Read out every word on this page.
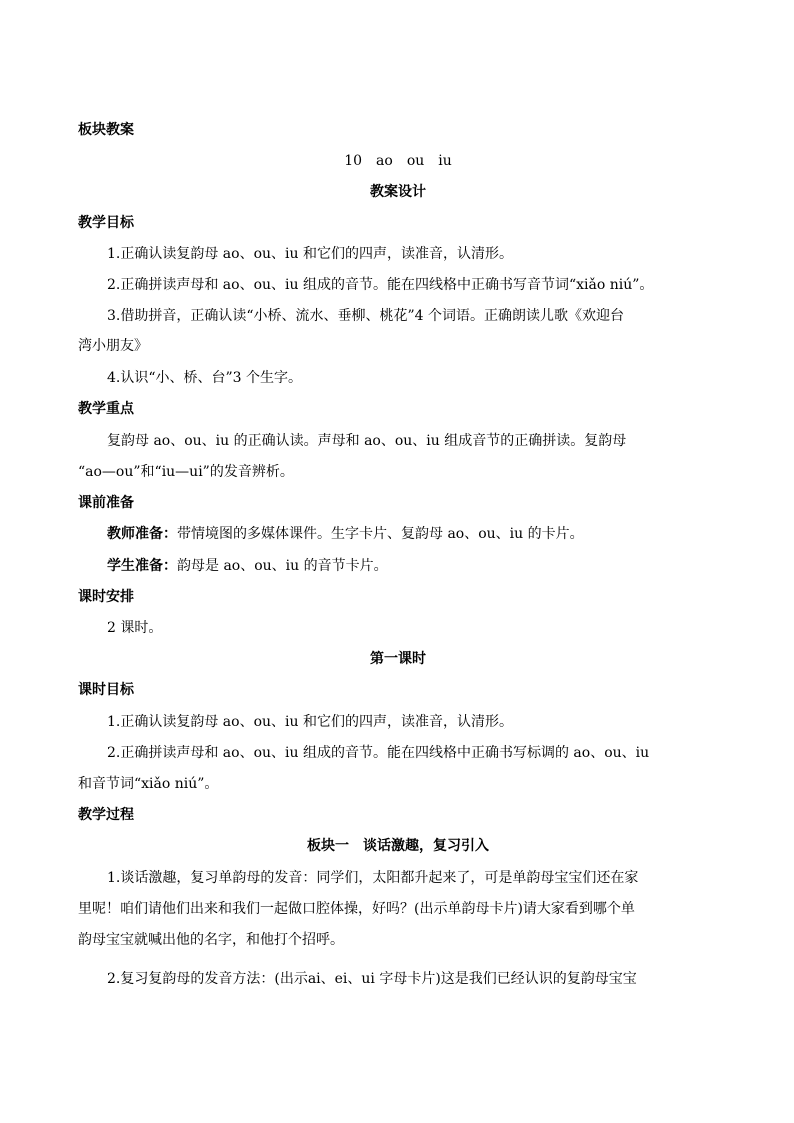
板块教案
10　ao　ou　iu
教案设计
教学目标
1.正确认读复韵母 ao、ou、iu 和它们的四声，读准音，认清形。
2.正确拼读声母和 ao、ou、iu 组成的音节。能在四线格中正确书写音节词“xiǎo niú”。
3.借助拼音，正确认读“小桥、流水、垂柳、桃花”4 个词语。正确朗读儿歌《欢迎台
湾小朋友》
4.认识“小、桥、台”3 个生字。
教学重点
复韵母 ao、ou、iu 的正确认读。声母和 ao、ou、iu 组成音节的正确拼读。复韵母
“ao—ou”和“iu—ui”的发音辨析。
课前准备
教师准备：带情境图的多媒体课件。生字卡片、复韵母 ao、ou、iu 的卡片。
学生准备：韵母是 ao、ou、iu 的音节卡片。
课时安排
2 课时。
第一课时
课时目标
1.正确认读复韵母 ao、ou、iu 和它们的四声，读准音，认清形。
2.正确拼读声母和 ao、ou、iu 组成的音节。能在四线格中正确书写标调的 ao、ou、iu
和音节词“xiǎo niú”。
教学过程
板块一　谈话激趣，复习引入
1.谈话激趣，复习单韵母的发音：同学们，太阳都升起来了，可是单韵母宝宝们还在家
里呢！咱们请他们出来和我们一起做口腔体操，好吗？(出示单韵母卡片)请大家看到哪个单
韵母宝宝就喊出他的名字，和他打个招呼。
2.复习复韵母的发音方法：(出示ai、ei、ui 字母卡片)这是我们已经认识的复韵母宝宝
